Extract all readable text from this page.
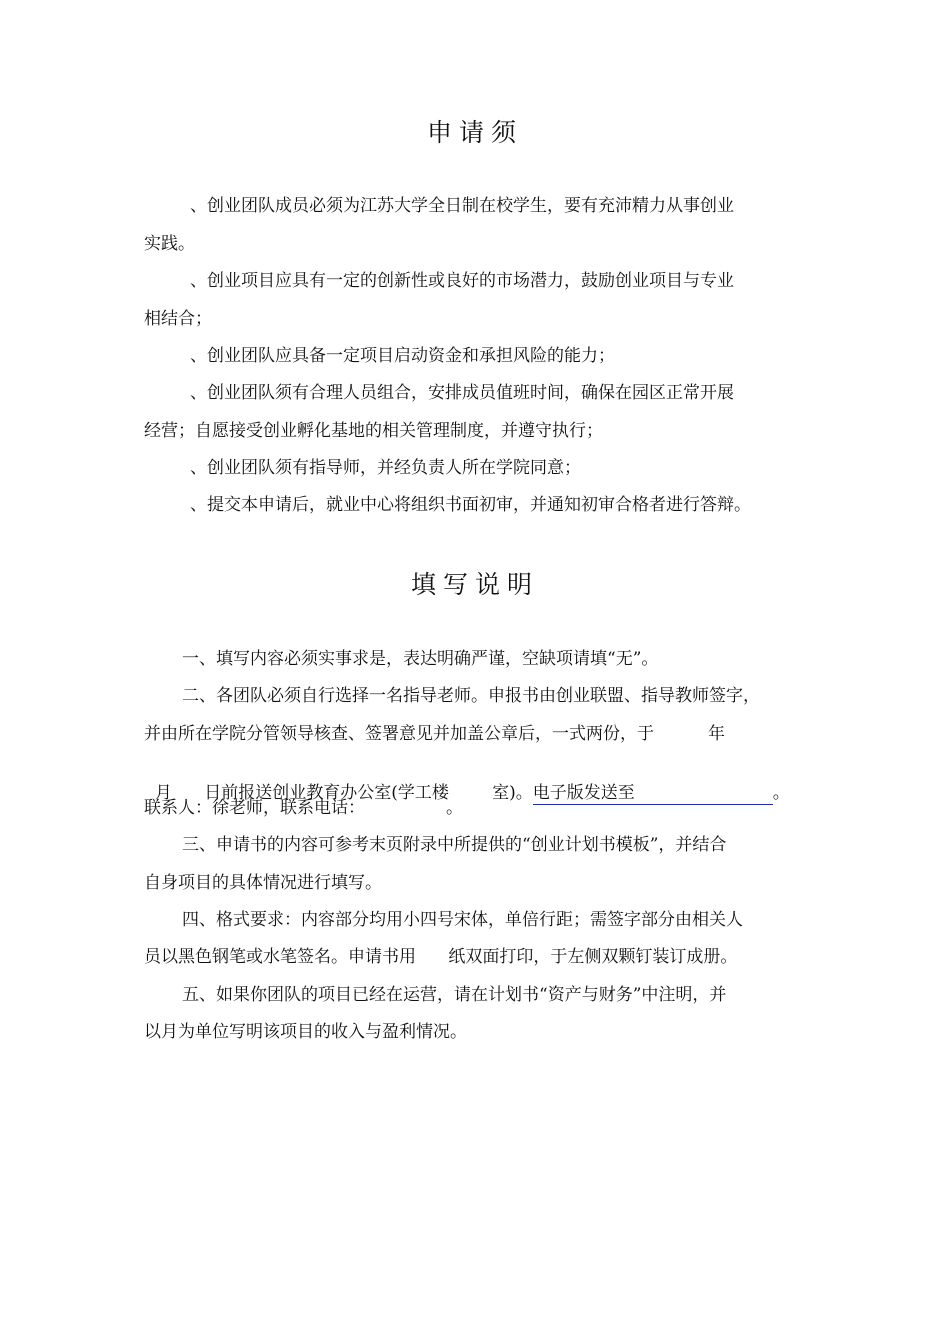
申请须
、创业团队成员必须为江苏大学全日制在校学生，要有充沛精力从事创业
实践。
、创业项目应具有一定的创新性或良好的市场潜力，鼓励创业项目与专业
相结合；
、创业团队应具备一定项目启动资金和承担风险的能力；
、创业团队须有合理人员组合，安排成员值班时间，确保在园区正常开展
经营；自愿接受创业孵化基地的相关管理制度，并遵守执行；
、创业团队须有指导师，并经负责人所在学院同意；
、提交本申请后，就业中心将组织书面初审，并通知初审合格者进行答辩。
填写说明
一、填写内容必须实事求是，表达明确严谨，空缺项请填“无”。
二、各团队必须自行选择一名指导老师。申报书由创业联盟、指导教师签字，
并由所在学院分管领导核查、签署意见并加盖公章后，一式两份，于          年

月      日前报送创业教育办公室(学工楼        室)。电子版发送至	。

联系人：徐老师，联系电话：               。
三、申请书的内容可参考末页附录中所提供的“创业计划书模板”，并结合
自身项目的具体情况进行填写。
四、格式要求：内容部分均用小四号宋体，单倍行距；需签字部分由相关人
员以黑色钢笔或水笔签名。申请书用      纸双面打印，于左侧双颗钉装订成册。
五、如果你团队的项目已经在运营，请在计划书“资产与财务”中注明，并
以月为单位写明该项目的收入与盈利情况。
